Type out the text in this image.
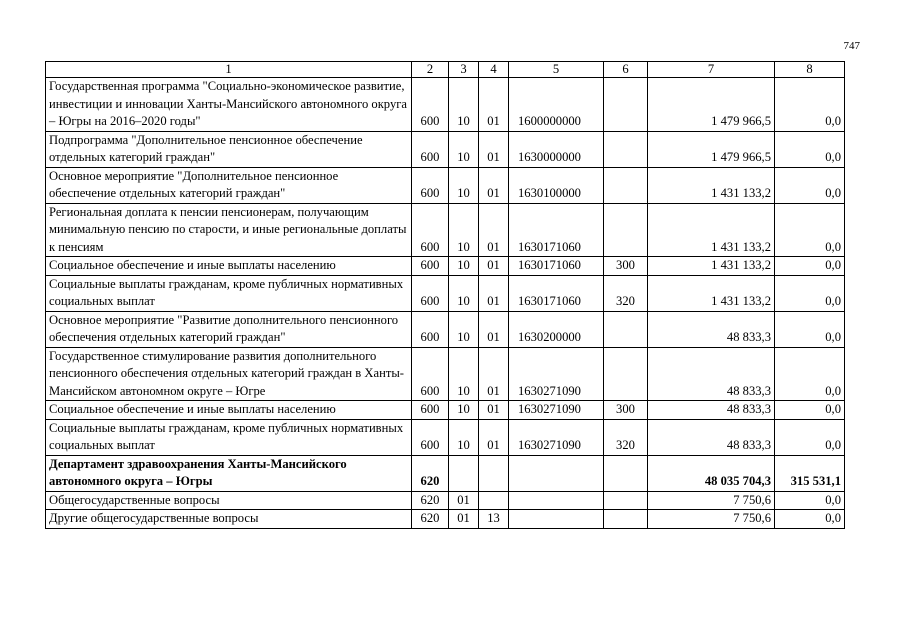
747
1	2	3	4	5	6	7	8
Государственная программа "Социально-экономическое развитие, инвестиции и инновации Ханты-Мансийского автономного округа – Югры на 2016–2020 годы"	600	10	01	1600000000		1 479 966,5	0,0
Подпрограмма "Дополнительное пенсионное обеспечение отдельных категорий граждан"	600	10	01	1630000000		1 479 966,5	0,0
Основное мероприятие "Дополнительное пенсионное обеспечение отдельных категорий граждан"	600	10	01	1630100000		1 431 133,2	0,0
Региональная доплата к пенсии пенсионерам, получающим минимальную пенсию по старости, и иные региональные доплаты к пенсиям	600	10	01	1630171060		1 431 133,2	0,0
Социальное обеспечение и иные выплаты населению	600	10	01	1630171060	300	1 431 133,2	0,0
Социальные выплаты гражданам, кроме публичных нормативных социальных выплат	600	10	01	1630171060	320	1 431 133,2	0,0
Основное мероприятие "Развитие дополнительного пенсионного обеспечения отдельных категорий граждан"	600	10	01	1630200000		48 833,3	0,0
Государственное стимулирование развития дополнительного пенсионного обеспечения отдельных категорий граждан в Ханты-Мансийском автономном округе – Югре	600	10	01	1630271090		48 833,3	0,0
Социальное обеспечение и иные выплаты населению	600	10	01	1630271090	300	48 833,3	0,0
Социальные выплаты гражданам, кроме публичных нормативных социальных выплат	600	10	01	1630271090	320	48 833,3	0,0
Департамент здравоохранения Ханты-Мансийского автономного округа – Югры	620					48 035 704,3	315 531,1
Общегосударственные вопросы	620	01				7 750,6	0,0
Другие общегосударственные вопросы	620	01	13			7 750,6	0,0
